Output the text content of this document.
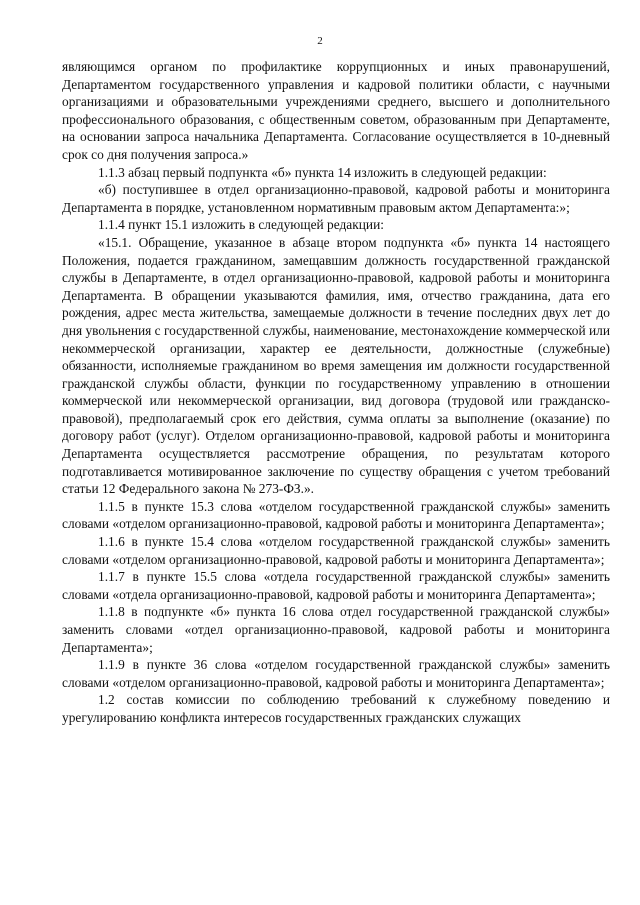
2

являющимся органом по профилактике коррупционных и иных правонарушений, Департаментом государственного управления и кадровой политики области, с научными организациями и образовательными учреждениями среднего, высшего и дополнительного профессионального образования, с общественным советом, образованным при Департаменте, на основании запроса начальника Департамента. Согласование осуществляется в 10-дневный срок со дня получения запроса.»

1.1.3 абзац первый подпункта «б» пункта 14 изложить в следующей редакции:

«б) поступившее в отдел организационно-правовой, кадровой работы и мониторинга Департамента в порядке, установленном нормативным правовым актом Департамента:»;

1.1.4 пункт 15.1 изложить в следующей редакции:

«15.1. Обращение, указанное в абзаце втором подпункта «б» пункта 14 настоящего Положения, подается гражданином, замещавшим должность государственной гражданской службы в Департаменте, в отдел организационно-правовой, кадровой работы и мониторинга Департамента. В обращении указываются фамилия, имя, отчество гражданина, дата его рождения, адрес места жительства, замещаемые должности в течение последних двух лет до дня увольнения с государственной службы, наименование, местонахождение коммерческой или некоммерческой организации, характер ее деятельности, должностные (служебные) обязанности, исполняемые гражданином во время замещения им должности государственной гражданской службы области, функции по государственному управлению в отношении коммерческой или некоммерческой организации, вид договора (трудовой или гражданско-правовой), предполагаемый срок его действия, сумма оплаты за выполнение (оказание) по договору работ (услуг). Отделом организационно-правовой, кадровой работы и мониторинга Департамента осуществляется рассмотрение обращения, по результатам которого подготавливается мотивированное заключение по существу обращения с учетом требований статьи 12 Федерального закона № 273-ФЗ.».

1.1.5 в пункте 15.3 слова «отделом государственной гражданской службы» заменить словами «отделом организационно-правовой, кадровой работы и мониторинга Департамента»;

1.1.6 в пункте 15.4 слова «отделом государственной гражданской службы» заменить словами «отделом организационно-правовой, кадровой работы и мониторинга Департамента»;

1.1.7 в пункте 15.5 слова «отдела государственной гражданской службы» заменить словами «отдела организационно-правовой, кадровой работы и мониторинга Департамента»;

1.1.8 в подпункте «б» пункта 16 слова отдел государственной гражданской службы» заменить словами «отдел организационно-правовой, кадровой работы и мониторинга Департамента»;

1.1.9 в пункте 36 слова «отделом государственной гражданской службы» заменить словами «отделом организационно-правовой, кадровой работы и мониторинга Департамента»;

1.2 состав комиссии по соблюдению требований к служебному поведению и урегулированию конфликта интересов государственных гражданских служащих
